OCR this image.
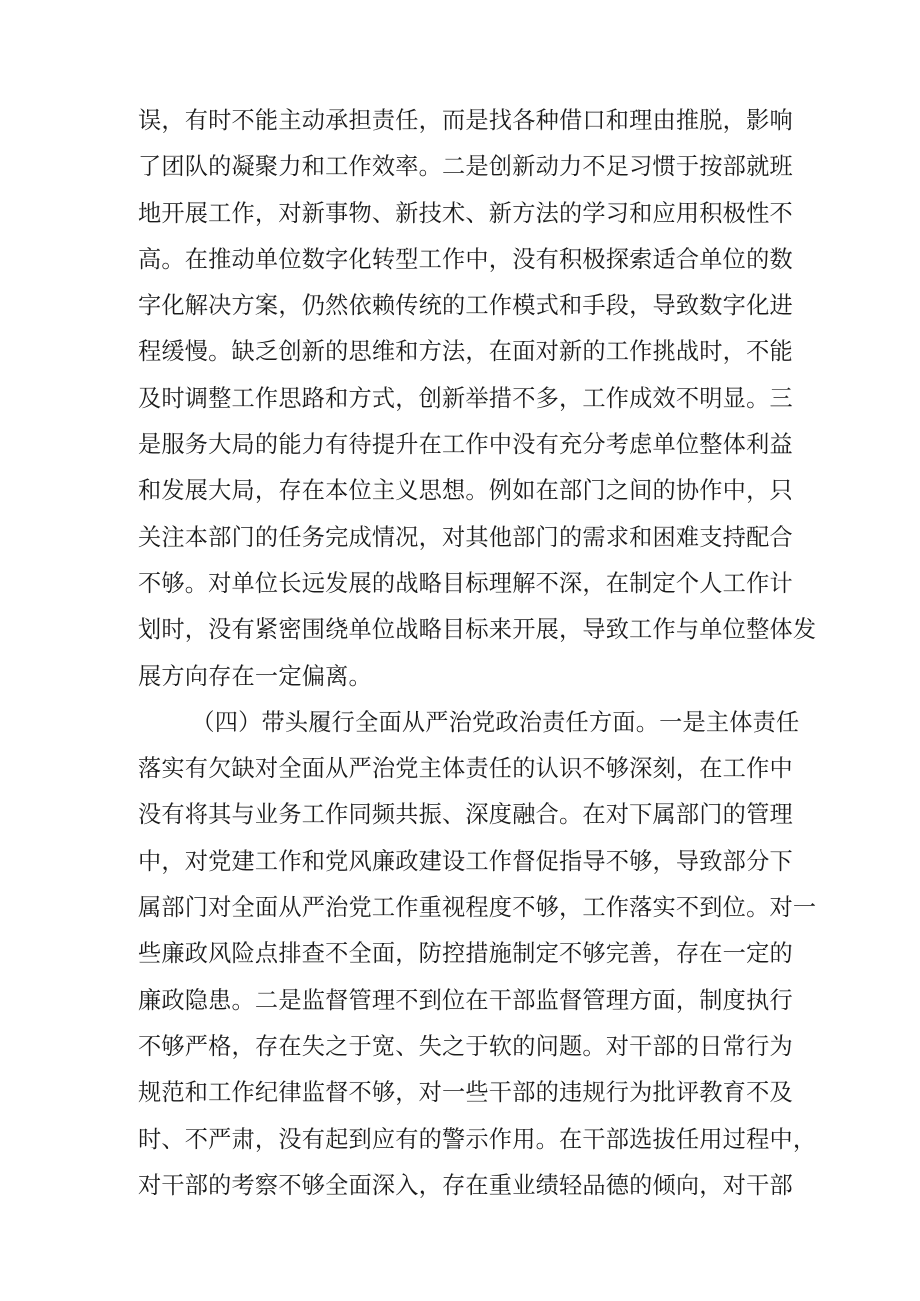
误，有时不能主动承担责任，而是找各种借口和理由推脱，影响
了团队的凝聚力和工作效率。二是创新动力不足习惯于按部就班
地开展工作，对新事物、新技术、新方法的学习和应用积极性不
高。在推动单位数字化转型工作中，没有积极探索适合单位的数
字化解决方案，仍然依赖传统的工作模式和手段，导致数字化进
程缓慢。缺乏创新的思维和方法，在面对新的工作挑战时，不能
及时调整工作思路和方式，创新举措不多，工作成效不明显。三
是服务大局的能力有待提升在工作中没有充分考虑单位整体利益
和发展大局，存在本位主义思想。例如在部门之间的协作中，只
关注本部门的任务完成情况，对其他部门的需求和困难支持配合
不够。对单位长远发展的战略目标理解不深，在制定个人工作计
划时，没有紧密围绕单位战略目标来开展，导致工作与单位整体发
展方向存在一定偏离。
（四）带头履行全面从严治党政治责任方面。一是主体责任
落实有欠缺对全面从严治党主体责任的认识不够深刻，在工作中
没有将其与业务工作同频共振、深度融合。在对下属部门的管理
中，对党建工作和党风廉政建设工作督促指导不够，导致部分下
属部门对全面从严治党工作重视程度不够，工作落实不到位。对一
些廉政风险点排查不全面，防控措施制定不够完善，存在一定的
廉政隐患。二是监督管理不到位在干部监督管理方面，制度执行
不够严格，存在失之于宽、失之于软的问题。对干部的日常行为
规范和工作纪律监督不够，对一些干部的违规行为批评教育不及
时、不严肃，没有起到应有的警示作用。在干部选拔任用过程中，
对干部的考察不够全面深入，存在重业绩轻品德的倾向，对干部
